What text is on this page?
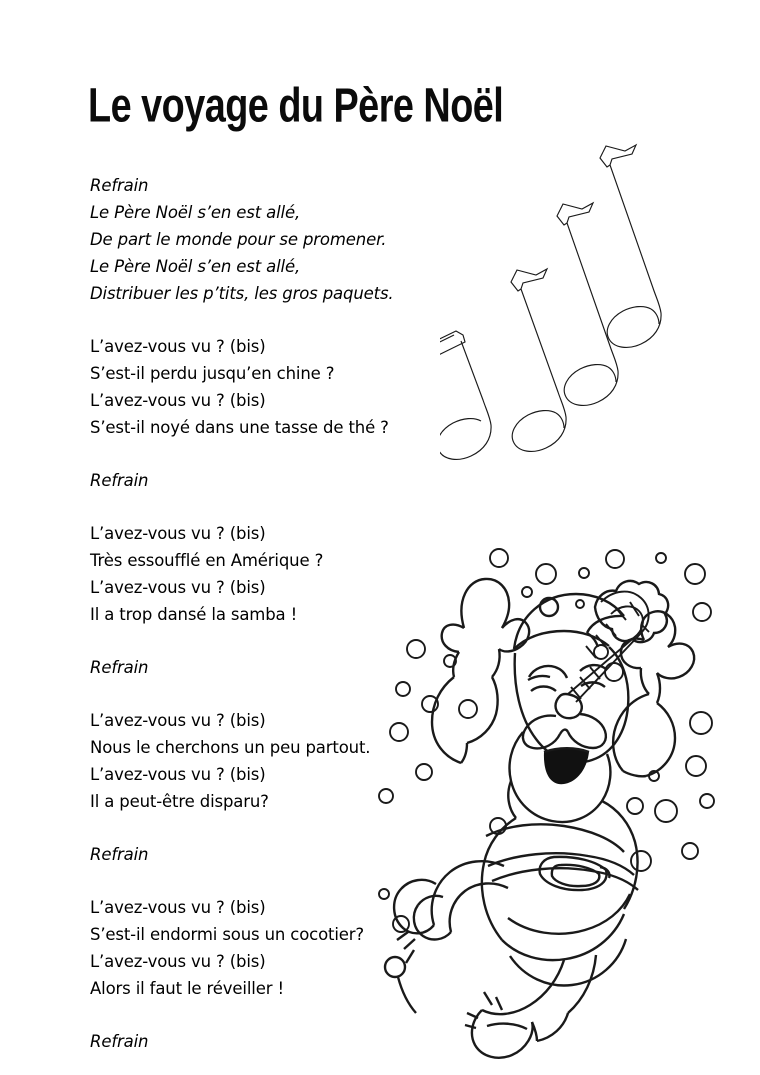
Le voyage du Père Noël
Refrain
Le Père Noël s’en est allé,
De part le monde pour se promener.
Le Père Noël s’en est allé,
Distribuer les p’tits, les gros paquets.
L’avez-vous vu ? (bis)
S’est-il perdu jusqu’en chine ?
L’avez-vous vu ? (bis)
S’est-il noyé dans une tasse de thé ?
Refrain
L’avez-vous vu ? (bis)
Très essoufflé en Amérique ?
L’avez-vous vu ? (bis)
Il a trop dansé la samba !
Refrain
L’avez-vous vu ? (bis)
Nous le cherchons un peu partout.
L’avez-vous vu ? (bis)
Il a peut-être disparu?
Refrain
L’avez-vous vu ? (bis)
S’est-il endormi sous un cocotier?
L’avez-vous vu ? (bis)
Alors il faut le réveiller !
Refrain
